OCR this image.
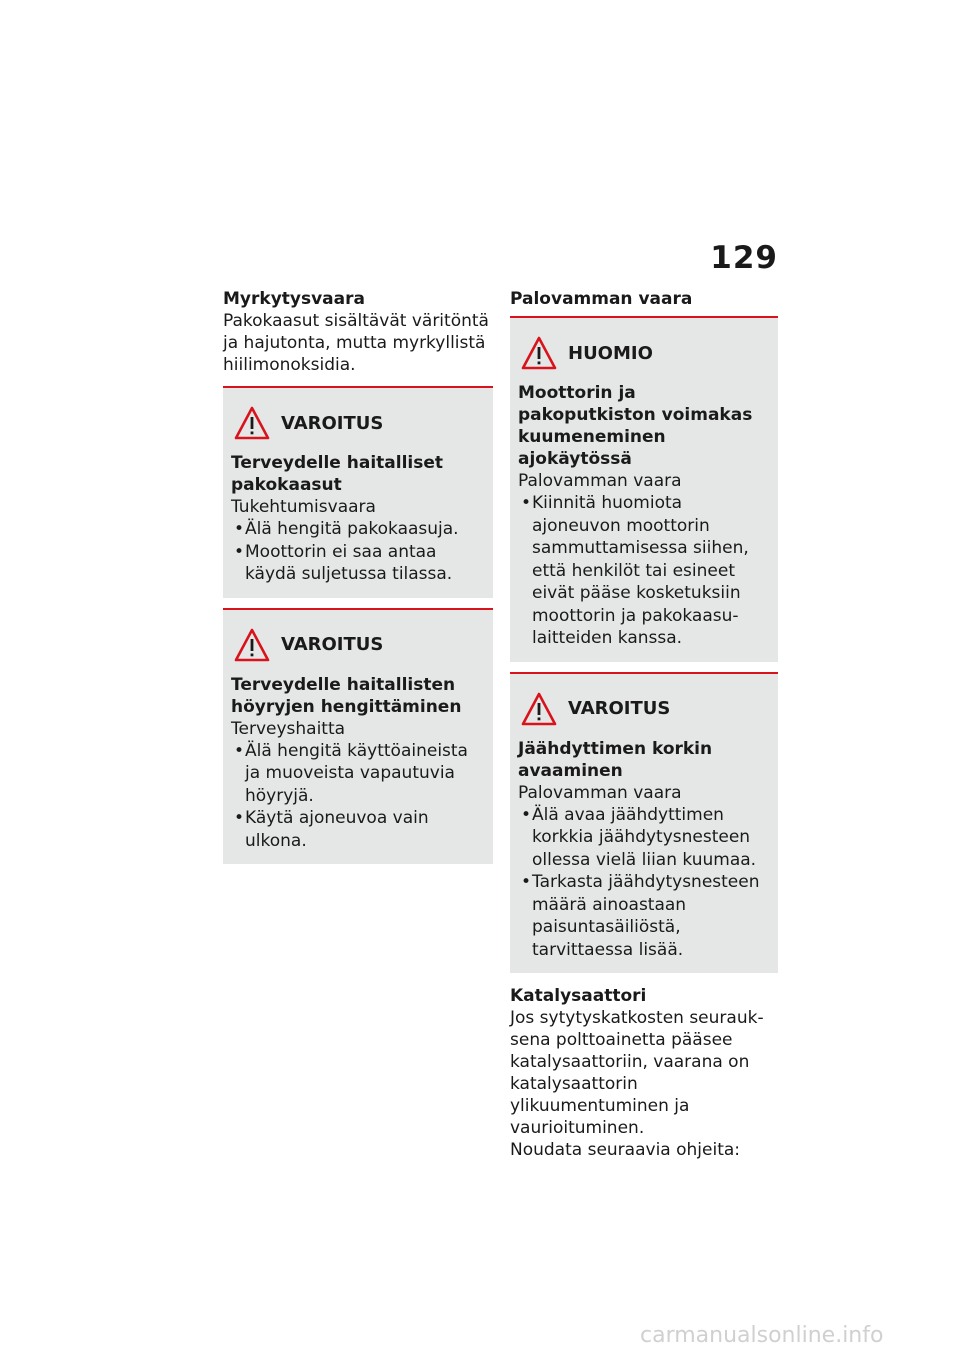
129
Myrkytysvaara

Pakokaasut sisältävät väritöntä ja hajutonta, mutta myrkyllistä hiilimonoksidia.

VAROITUS
Terveydelle haitalliset pakokaasut
Tukehtumisvaara
• Älä hengitä pakokaasuja.
• Moottorin ei saa antaa käydä suljetussa tilassa.
VAROITUS
Terveydelle haitallisten höyryjen hengittäminen
Terveyshaitta
• Älä hengitä käyttöaineista ja muoveista vapautuvia höyryjä.
• Käytä ajoneuvoa vain ulkona.
Palovamman vaara
HUOMIO
Moottorin ja pakoputkiston voimakas kuumeneminen ajokäytössä
Palovamman vaara
• Kiinnitä huomiota ajoneuvon moottorin sammuttamisessa siihen, että henkilöt tai esineet eivät pääse kosketuksiin moottorin ja pakokaasulaitteiden kanssa.
VAROITUS
Jäähdyttimen korkin avaaminen
Palovamman vaara
• Älä avaa jäähdyttimen korkkia jäähdytysnesteen ollessa vielä liian kuumaa.
• Tarkasta jäähdytysnesteen määrä ainoastaan paisuntasäiliöstä, tarvittaessa lisää.
Katalysaattori

Jos sytytyskatkosten seurauksena polttoainetta pääsee katalysaattoriin, vaarana on katalysaattorin ylikuumentuminen ja vaurioituminen.

Noudata seuraavia ohjeita:

carmanualsonline.info
